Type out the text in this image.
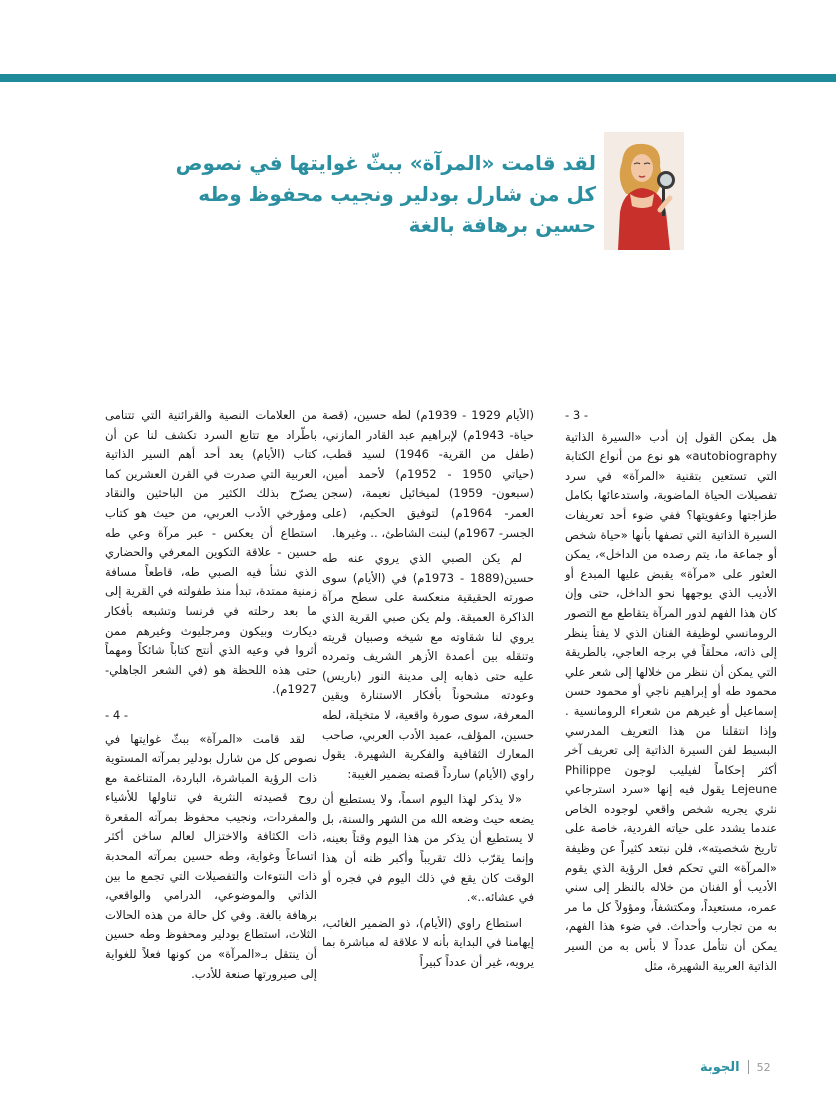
لقد قامت «المرآة» ببثّ غوايتها في نصوص
كل من شارل بودلير ونجيب محفوظ وطه
حسين برهافة بالغة
- 3 -

هل يمكن القول إن أدب «السيرة الذاتية autobiography» هو نوع من أنواع الكتابة التي تستعين بتقنية «المرآة» في سرد تفصيلات الحياة الماضوية، واستدعائها بكامل طزاجتها وعفويتها؟ ففي ضوء أحد تعريفات السيرة الذاتية التي تصفها بأنها «حياة شخص أو جماعة ما، يتم رصده من الداخل»، يمكن العثور على «مرآة» يقبض عليها المبدع أو الأديب الذي يوجهها نحو الداخل، حتى وإن كان هذا الفهم لدور المرآة يتقاطع مع التصور الرومانسي لوظيفة الفنان الذي لا يفتأ ينظر إلى ذاته، محلقاً في برجه العاجي، بالطريقة التي يمكن أن ننظر من خلالها إلى شعر علي محمود طه أو إبراهيم ناجي أو محمود حسن إسماعيل أو غيرهم من شعراء الرومانسية . وإذا انتقلنا من هذا التعريف المدرسي البسيط لفن السيرة الذاتية إلى تعريف آخر أكثر إحكاماً لفيليب لوجون Philippe Lejeune يقول فيه إنها «سرد استرجاعي نثري يجريه شخص واقعي لوجوده الخاص عندما يشدد على حياته الفردية، خاصة على تاريخ شخصيته»، فلن نبتعد كثيراً عن وظيفة «المرآة» التي تحكم فعل الرؤية الذي يقوم الأديب أو الفنان من خلاله بالنظر إلى سني عمره، مستعيداً، ومكتشفاً، ومؤولاً كل ما مر به من تجارب وأحداث. في ضوء هذا الفهم، يمكن أن نتأمل عدداً لا بأس به من السير الذاتية العربية الشهيرة، مثل

(الأيام 1929 - 1939م) لطه حسين، (قصة حياة- 1943م) لإبراهيم عبد القادر المازني، (طفل من القرية- 1946) لسيد قطب، (حياتي 1950 - 1952م) لأحمد أمين، (سبعون- 1959) لميخائيل نعيمة، (سجن العمر- 1964م) لتوفيق الحكيم، (على الجسر- 1967م) لبنت الشاطئ، .. وغيرها.

لم يكن الصبي الذي يروي عنه طه حسين(1889 - 1973م) في (الأيام) سوى صورته الحقيقية منعكسة على سطح مرآة الذاكرة العميقة. ولم يكن صبي القرية الذي يروي لنا شقاوته مع شيخه وصبيان قريته وتنقله بين أعمدة الأزهر الشريف وتمرده عليه حتى ذهابه إلى مدينة النور (باريس) وعودته مشحوناً بأفكار الاستنارة ويقين المعرفة، سوى صورة واقعية، لا متخيلة، لطه حسين، المؤلف، عميد الأدب العربي، صاحب المعارك الثقافية والفكرية الشهيرة. يقول راوي (الأيام) سارداً قصته بضمير الغيبة:

«لا يذكر لهذا اليوم اسماً، ولا يستطيع أن يضعه حيث وضعه الله من الشهر والسنة، بل لا يستطيع أن يذكر من هذا اليوم وقتاً بعينه، وإنما يقرّب ذلك تقريباً وأكبر ظنه أن هذا الوقت كان يقع في ذلك اليوم في فجره أو في عشائه..».

استطاع راوي (الأيام)، ذو الضمير الغائب، إيهامنا في البداية بأنه لا علاقة له مباشرة بما يرويه، غير أن عدداً كبيراً

من العلامات النصية والقرائنية التي تتنامى باطّراد مع تتابع السرد تكشف لنا عن أن كتاب (الأيام) يعد أحد أهم السير الذاتية العربية التي صدرت في القرن العشرين كما يصرّح بذلك الكثير من الباحثين والنقاد ومؤرخي الأدب العربي، من حيث هو كتاب استطاع أن يعكس - عبر مرآة وعي طه حسين - علاقة التكوين المعرفي والحضاري الذي نشأ فيه الصبي طه، قاطعاً مسافة زمنية ممتدة، تبدأ منذ طفولته في القرية إلى ما بعد رحلته في فرنسا وتشبعه بأفكار ديكارت وبيكون ومرجليوث وغيرهم ممن أثروا في وعيه الذي أنتج كتاباً شائكاً ومهماً حتى هذه اللحظة هو (في الشعر الجاهلي- 1927م).

- 4 -

لقد قامت «المرآة» ببثّ غوايتها في نصوص كل من شارل بودلير بمرآته المستوية ذات الرؤية المباشرة، الباردة، المتناغمة مع روح قصيدته النثرية في تناولها للأشياء والمفردات، ونجيب محفوظ بمرآته المقعرة ذات الكثافة والاختزال لعالم ساخن أكثر اتساعاً وغواية، وطه حسين بمرآته المحدبة ذات النتوءات والتفصيلات التي تجمع ما بين الذاتي والموضوعي، الدرامي والواقعي، برهافة بالغة. وفي كل حالة من هذه الحالات الثلاث، استطاع بودلير ومحفوظ وطه حسين أن ينتقل بـ«المرآة» من كونها فعلاً للغواية إلى صيرورتها صنعة للأدب.

الجوبة 52
